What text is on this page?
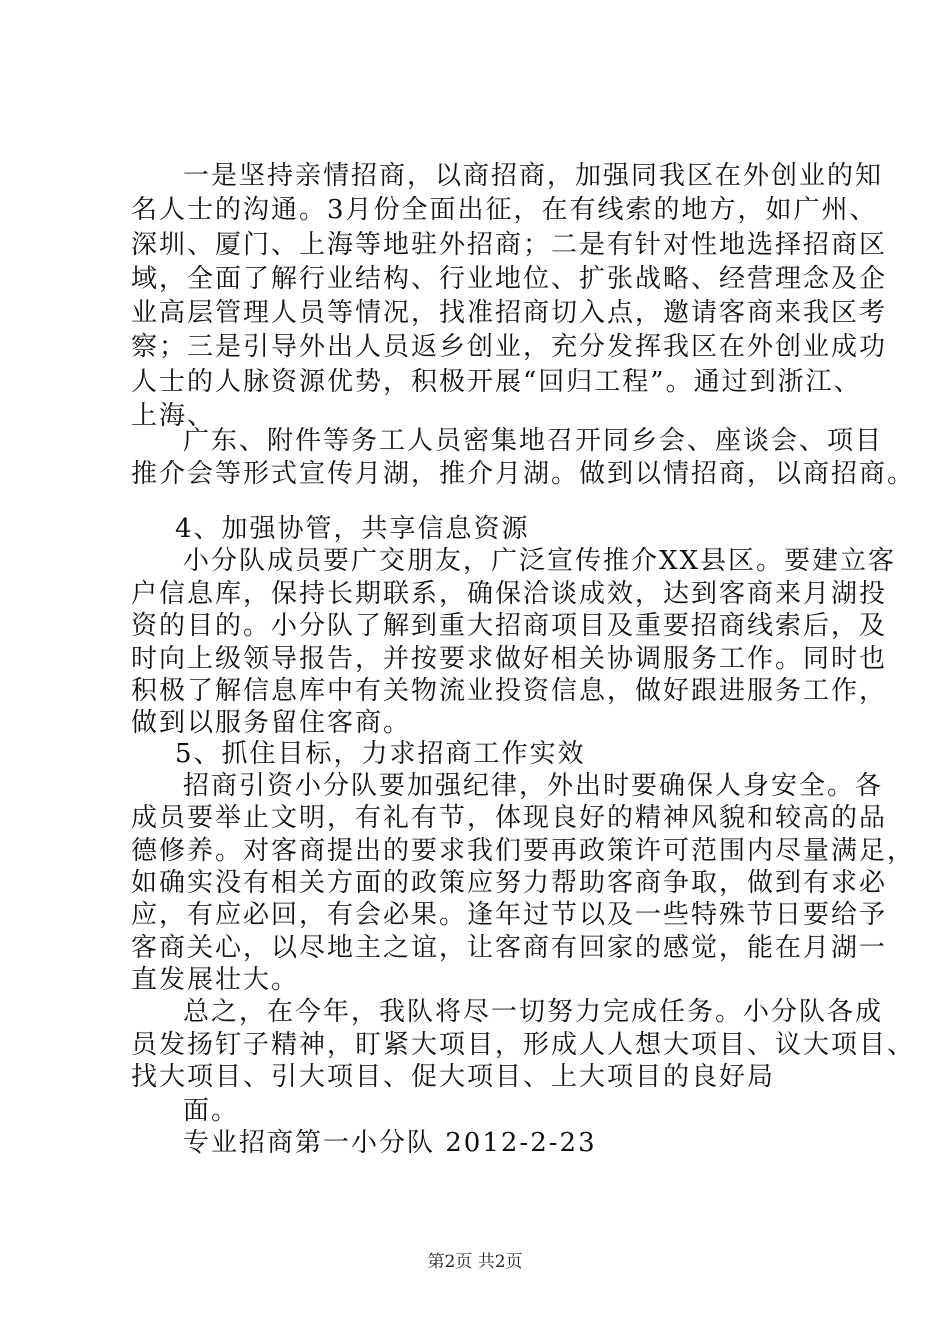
一是坚持亲情招商，以商招商，加强同我区在外创业的知
名人士的沟通。3月份全面出征，在有线索的地方，如广州、
深圳、厦门、上海等地驻外招商；二是有针对性地选择招商区
域，全面了解行业结构、行业地位、扩张战略、经营理念及企
业高层管理人员等情况，找准招商切入点，邀请客商来我区考
察；三是引导外出人员返乡创业，充分发挥我区在外创业成功
人士的人脉资源优势，积极开展“回归工程”。通过到浙江、
上海、
广东、附件等务工人员密集地召开同乡会、座谈会、项目
推介会等形式宣传月湖，推介月湖。做到以情招商，以商招商。
4、加强协管，共享信息资源
小分队成员要广交朋友，广泛宣传推介XX县区。要建立客
户信息库，保持长期联系，确保洽谈成效，达到客商来月湖投
资的目的。小分队了解到重大招商项目及重要招商线索后，及
时向上级领导报告，并按要求做好相关协调服务工作。同时也
积极了解信息库中有关物流业投资信息，做好跟进服务工作，
做到以服务留住客商。
5、抓住目标，力求招商工作实效
招商引资小分队要加强纪律，外出时要确保人身安全。各
成员要举止文明，有礼有节，体现良好的精神风貌和较高的品
德修养。对客商提出的要求我们要再政策许可范围内尽量满足，
如确实没有相关方面的政策应努力帮助客商争取，做到有求必
应，有应必回，有会必果。逢年过节以及一些特殊节日要给予
客商关心，以尽地主之谊，让客商有回家的感觉，能在月湖一
直发展壮大。
总之，在今年，我队将尽一切努力完成任务。小分队各成
员发扬钉子精神，盯紧大项目，形成人人想大项目、议大项目、
找大项目、引大项目、促大项目、上大项目的良好局
面。
专业招商第一小分队 2012-2-23
第2页 共2页
